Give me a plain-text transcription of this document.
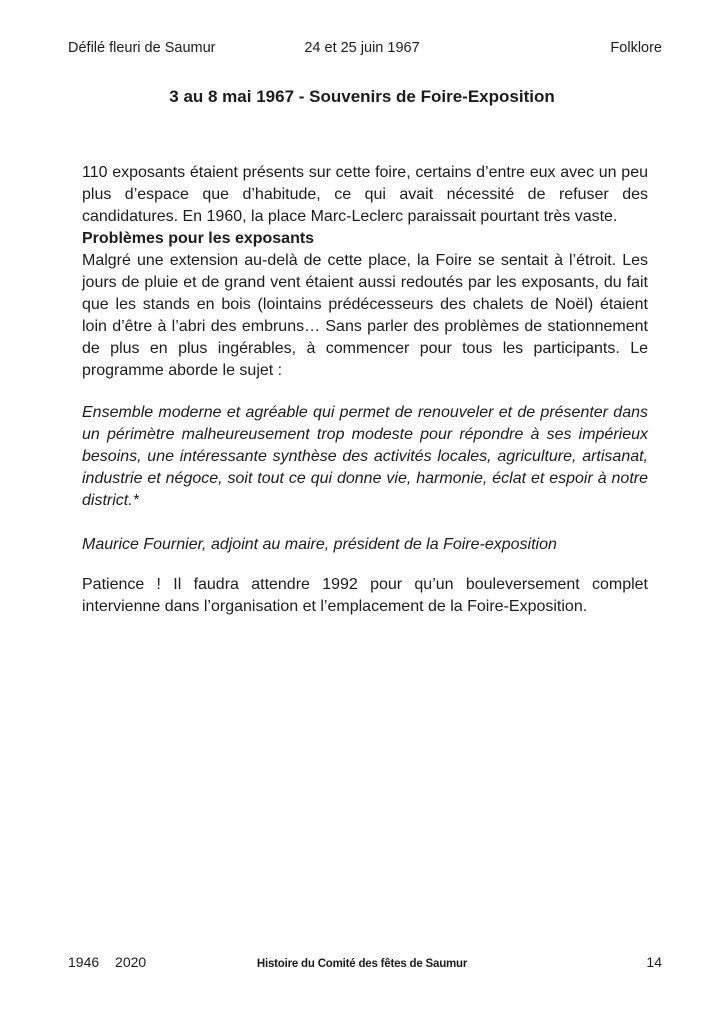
24 et 25 juin 1967
Défilé fleuri de Saumur	Folklore
3 au 8 mai 1967 - Souvenirs de Foire-Exposition

110 exposants étaient présents sur cette foire, certains d’entre eux avec un peu plus d’espace que d’habitude, ce qui avait nécessité de refuser des candidatures. En 1960, la place Marc-Leclerc paraissait pourtant très vaste.

Problèmes pour les exposants

Malgré une extension au-delà de cette place, la Foire se sentait à l’étroit. Les jours de pluie et de grand vent étaient aussi redoutés par les exposants, du fait que les stands en bois (lointains prédécesseurs des chalets de Noël) étaient loin d’être à l’abri des embruns… Sans parler des problèmes de stationnement de plus en plus ingérables, à commencer pour tous les participants. Le programme aborde le sujet :

Ensemble moderne et agréable qui permet de renouveler et de présenter dans un périmètre malheureusement trop modeste pour répondre à ses impérieux besoins, une intéressante synthèse des activités locales, agriculture, artisanat, industrie et négoce, soit tout ce qui donne vie, harmonie, éclat et espoir à notre district.*

Maurice Fournier, adjoint au maire, président de la Foire-exposition

Patience ! Il faudra attendre 1992 pour qu’un bouleversement complet intervienne dans l’organisation et l’emplacement de la Foire-Exposition.

Histoire du Comité des fêtes de Saumur
1946 2020	14
